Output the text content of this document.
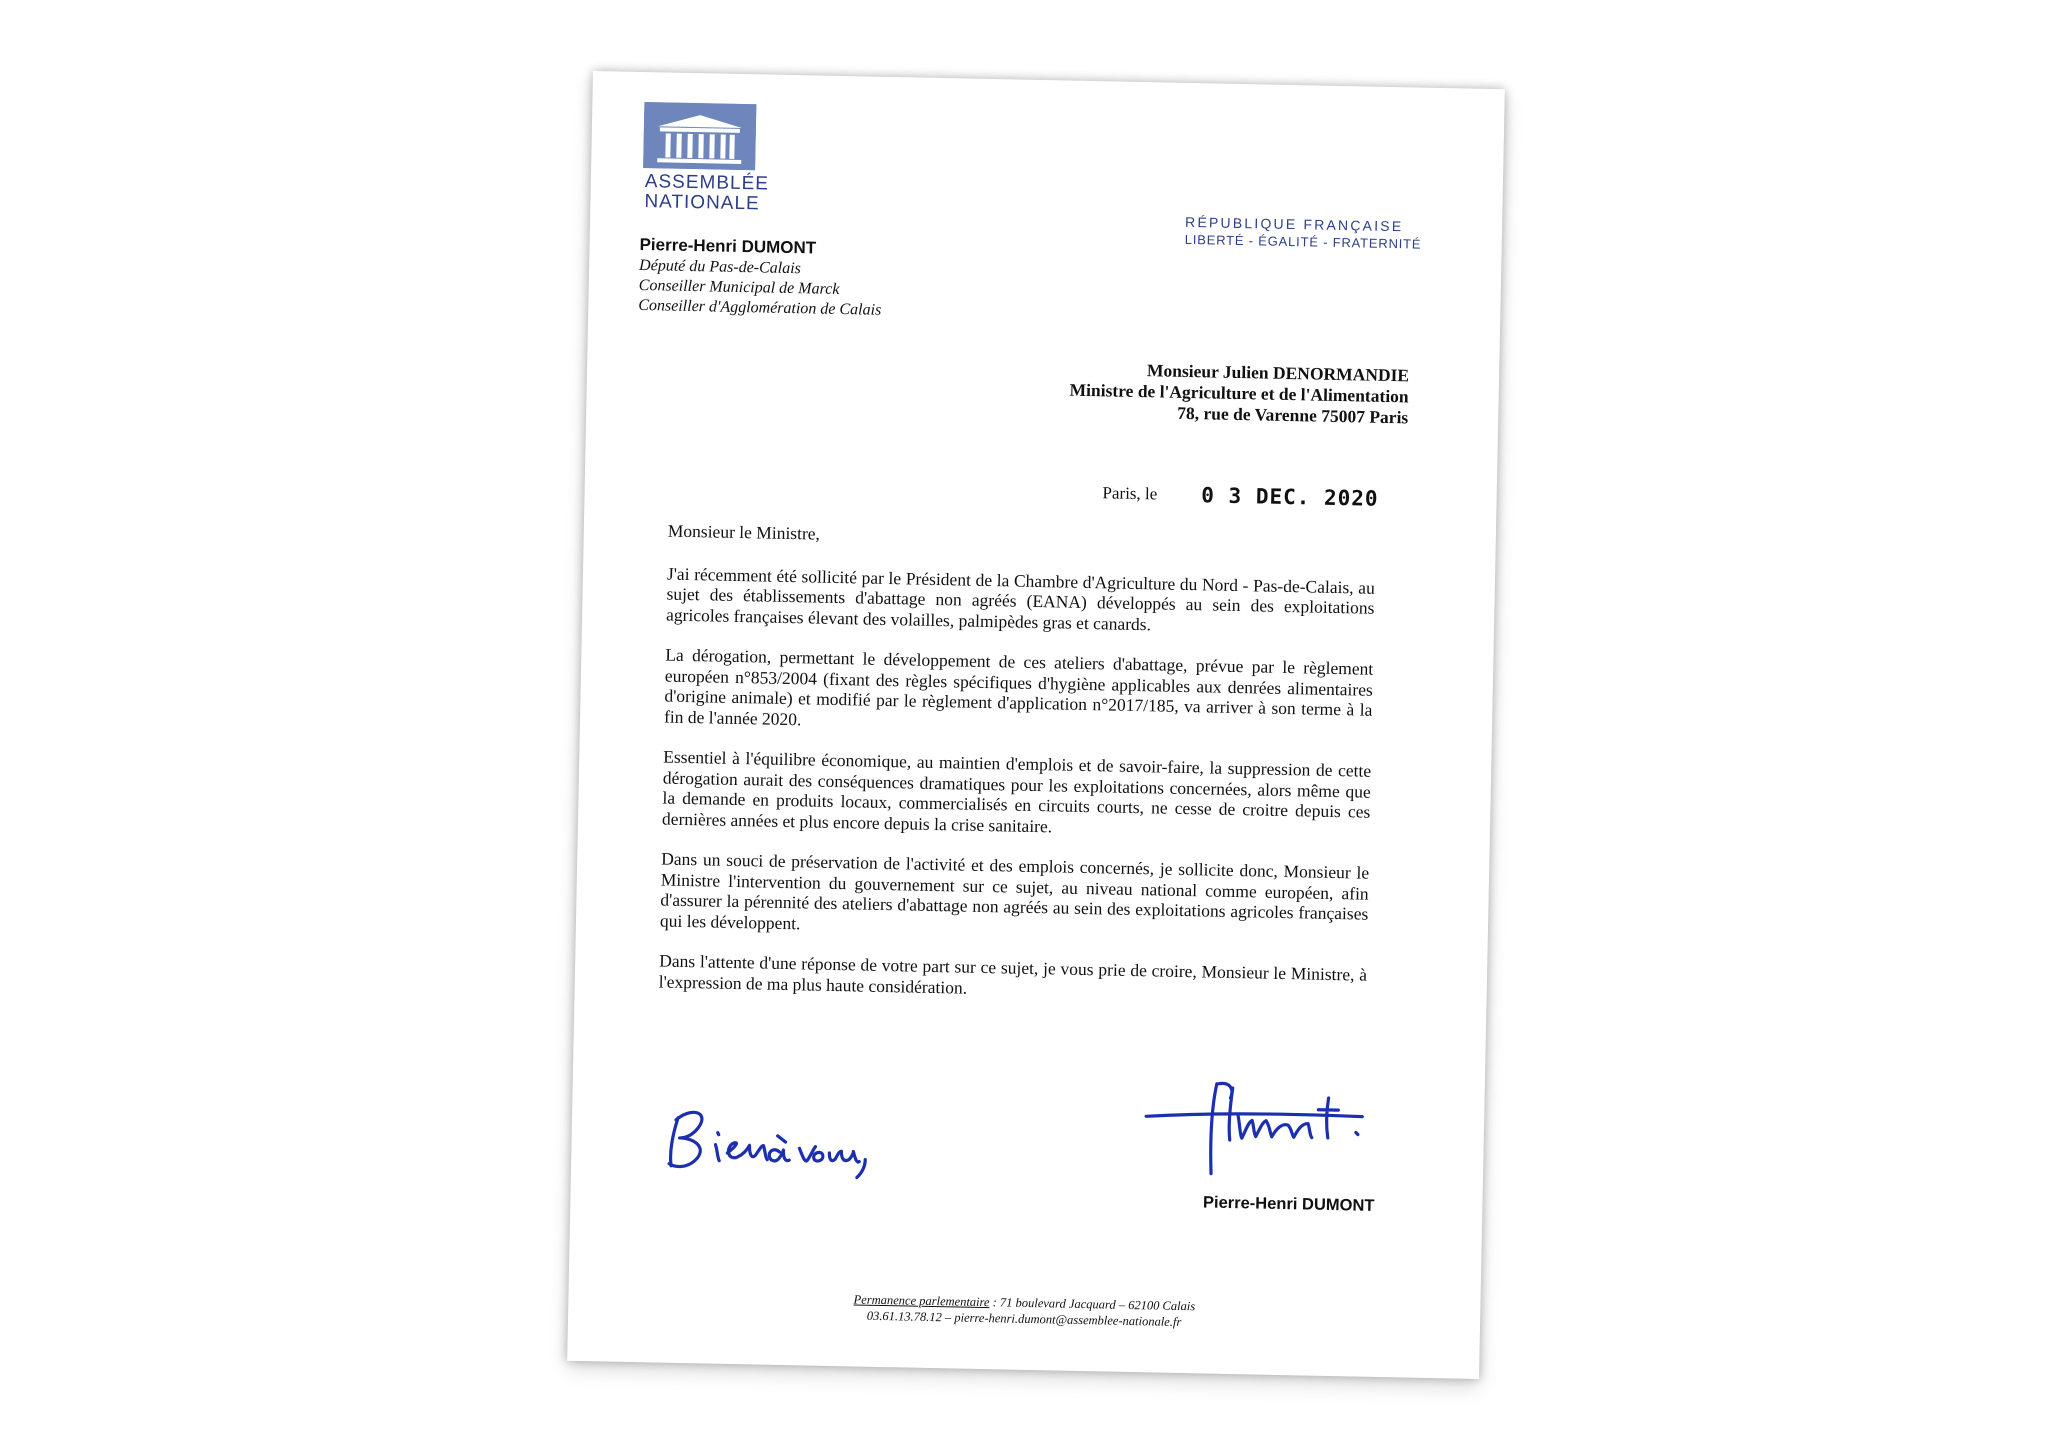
ASSEMBLÉE
NATIONALE
Pierre-Henri DUMONT
Député du Pas-de-Calais
Conseiller Municipal de Marck
Conseiller d'Agglomération de Calais
RÉPUBLIQUE FRANÇAISE
LIBERTÉ - ÉGALITÉ - FRATERNITÉ
Monsieur Julien DENORMANDIE
Ministre de l'Agriculture et de l'Alimentation
78, rue de Varenne 75007 Paris
Paris, le 0 3 DEC. 2020

Monsieur le Ministre,

J'ai récemment été sollicité par le Président de la Chambre d'Agriculture du Nord - Pas-de-Calais, au sujet des établissements d'abattage non agréés (EANA) développés au sein des exploitations agricoles françaises élevant des volailles, palmipèdes gras et canards.

La dérogation, permettant le développement de ces ateliers d'abattage, prévue par le règlement européen n°853/2004 (fixant des règles spécifiques d'hygiène applicables aux denrées alimentaires d'origine animale) et modifié par le règlement d'application n°2017/185, va arriver à son terme à la fin de l'année 2020.

Essentiel à l'équilibre économique, au maintien d'emplois et de savoir-faire, la suppression de cette dérogation aurait des conséquences dramatiques pour les exploitations concernées, alors même que la demande en produits locaux, commercialisés en circuits courts, ne cesse de croitre depuis ces dernières années et plus encore depuis la crise sanitaire.

Dans un souci de préservation de l'activité et des emplois concernés, je sollicite donc, Monsieur le Ministre l'intervention du gouvernement sur ce sujet, au niveau national comme européen, afin d'assurer la pérennité des ateliers d'abattage non agréés au sein des exploitations agricoles françaises qui les développent.

Dans l'attente d'une réponse de votre part sur ce sujet, je vous prie de croire, Monsieur le Ministre, à l'expression de ma plus haute considération.

Pierre-Henri DUMONT
Permanence parlementaire : 71 boulevard Jacquard – 62100 Calais
03.61.13.78.12 – pierre-henri.dumont@assemblee-nationale.fr
